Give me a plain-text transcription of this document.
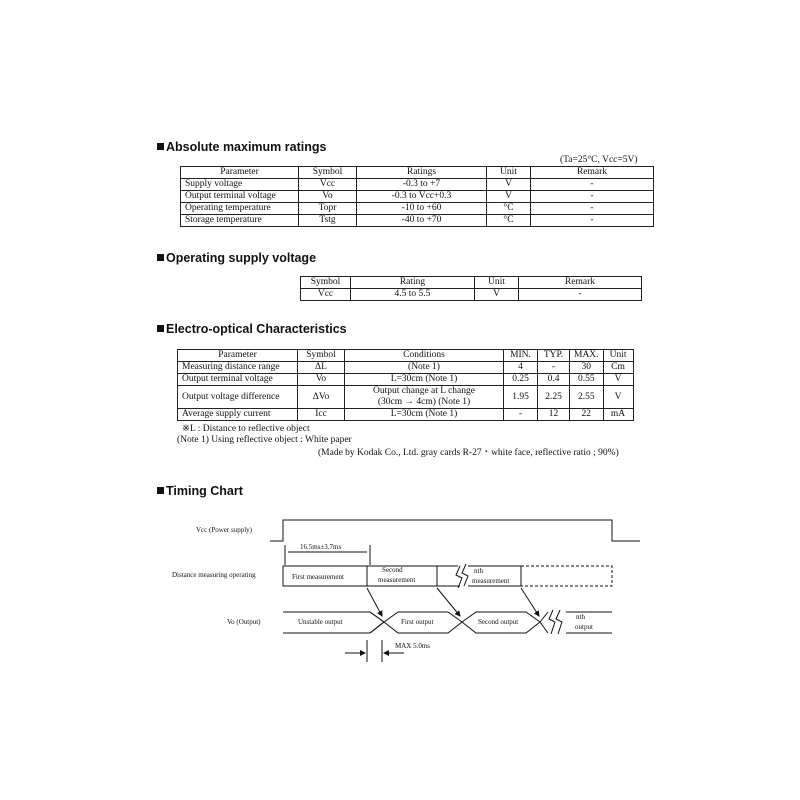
Absolute maximum ratings
(Ta=25°C, Vcc=5V)
Parameter	Symbol	Ratings	Unit	Remark
Supply voltage	Vcc	-0.3 to +7	V	-
Output terminal voltage	Vo	-0.3 to Vcc+0.3	V	-
Operating temperature	Topr	-10 to +60	°C	-
Storage temperature	Tstg	-40 to +70	°C	-
Operating supply voltage
Symbol	Rating	Unit	Remark
Vcc	4.5 to 5.5	V	-
Electro-optical Characteristics
Parameter	Symbol	Conditions	MIN.	TYP.	MAX.	Unit
Measuring distance range	ΔL	(Note 1)	4	-	30	Cm
Output terminal voltage	Vo	L=30cm (Note 1)	0.25	0.4	0.55	V
Output voltage difference	ΔVo	Output change at L change
(30cm → 4cm) (Note 1)	1.95	2.25	2.55	V
Average supply current	Icc	L=30cm (Note 1)	-	12	22	mA
※L : Distance to reflective object
(Note 1) Using reflective object : White paper
(Made by Kodak Co., Ltd. gray cards R-27・white face, reflective ratio ; 90%)
Timing Chart
Vcc (Power supply)
Distance measuring operating
Vo (Output)
16.5ms±3.7ms
First measurement
Second
measurement
nth
measurement
Unstable output	First output	Second output
nth
output
MAX 5.0ms
